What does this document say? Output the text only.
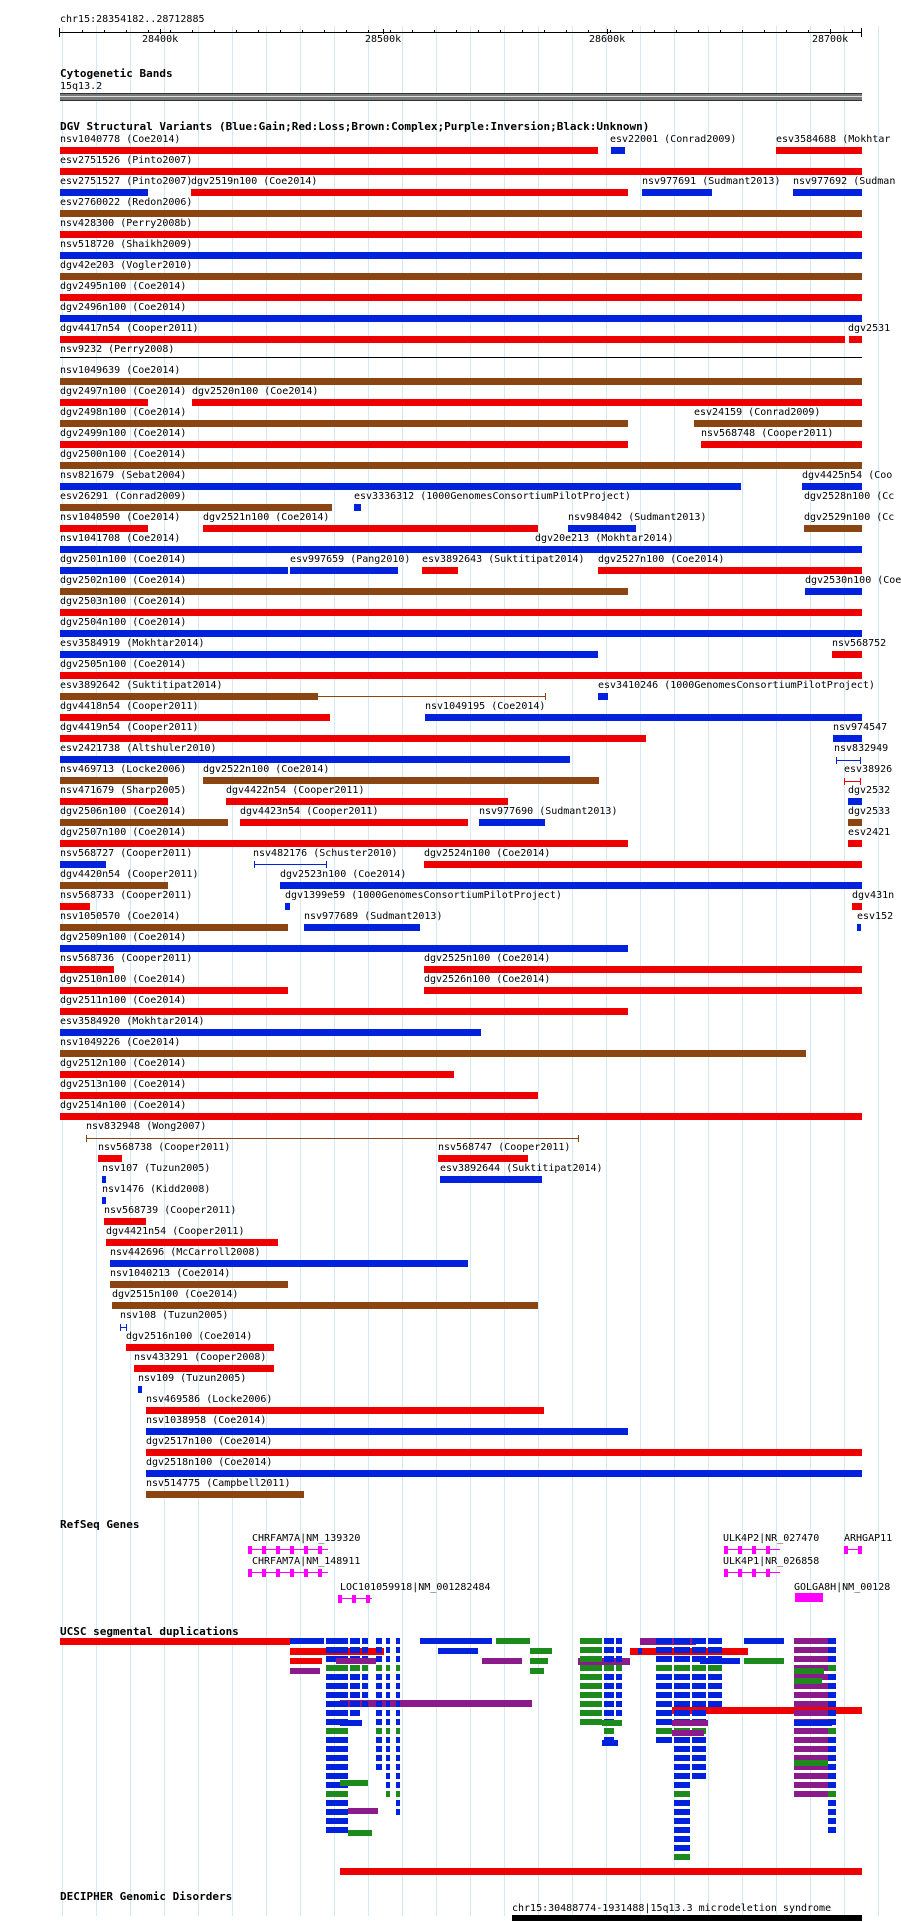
chr15:28354182..28712885
28400k	28500k	28600k	28700k
Cytogenetic Bands
15q13.2
DGV Structural Variants (Blue:Gain;Red:Loss;Brown:Complex;Purple:Inversion;Black:Unknown)
nsv1040778 (Coe2014)	esv22001 (Conrad2009)	esv3584688 (Mokhtar
esv2751526 (Pinto2007)
esv2751527 (Pinto2007)
dgv2519n100 (Coe2014)	nsv977691 (Sudmant2013) nsv977692 (Sudman
esv2760022 (Redon2006)
nsv428300 (Perry2008b)
nsv518720 (Shaikh2009)
dgv42e203 (Vogler2010)
dgv2495n100 (Coe2014)
dgv2496n100 (Coe2014)
dgv4417n54 (Cooper2011)	dgv2531
nsv9232 (Perry2008)
nsv1049639 (Coe2014)
dgv2497n100 (Coe2014) dgv2520n100 (Coe2014)
dgv2498n100 (Coe2014)	esv24159 (Conrad2009)
dgv2499n100 (Coe2014)	nsv568748 (Cooper2011)
dgv2500n100 (Coe2014)
nsv821679 (Sebat2004)	dgv4425n54 (Coo
esv26291 (Conrad2009)	esv3336312 (1000GenomesConsortiumPilotProject)	dgv2528n100 (Cc
nsv1040590 (Coe2014) dgv2521n100 (Coe2014)	nsv984042 (Sudmant2013)	dgv2529n100 (Cc
nsv1041708 (Coe2014)	dgv20e213 (Mokhtar2014)
dgv2501n100 (Coe2014)	esv997659 (Pang2010) esv3892643 (Suktitipat2014) dgv2527n100 (Coe2014)
dgv2502n100 (Coe2014)	dgv2530n100 (Coe
dgv2503n100 (Coe2014)
dgv2504n100 (Coe2014)
esv3584919 (Mokhtar2014)	nsv568752
dgv2505n100 (Coe2014)
esv3892642 (Suktitipat2014)	esv3410246 (1000GenomesConsortiumPilotProject)
dgv4418n54 (Cooper2011)	nsv1049195 (Coe2014)
dgv4419n54 (Cooper2011)	nsv974547
esv2421738 (Altshuler2010)	nsv832949
nsv469713 (Locke2006) dgv2522n100 (Coe2014)	esv38926
nsv471679 (Sharp2005)	dgv4422n54 (Cooper2011)	dgv2532
dgv2506n100 (Coe2014)	dgv4423n54 (Cooper2011)	nsv977690 (Sudmant2013)	dgv2533
dgv2507n100 (Coe2014)	esv2421
nsv568727 (Cooper2011)	nsv482176 (Schuster2010)	dgv2524n100 (Coe2014)
dgv4420n54 (Cooper2011)	dgv2523n100 (Coe2014)
nsv568733 (Cooper2011)	dgv1399e59 (1000GenomesConsortiumPilotProject)	dgv431n
nsv1050570 (Coe2014)	nsv977689 (Sudmant2013)	esv152
dgv2509n100 (Coe2014)
nsv568736 (Cooper2011)	dgv2525n100 (Coe2014)
dgv2510n100 (Coe2014)	dgv2526n100 (Coe2014)
dgv2511n100 (Coe2014)
esv3584920 (Mokhtar2014)
nsv1049226 (Coe2014)
dgv2512n100 (Coe2014)
dgv2513n100 (Coe2014)
dgv2514n100 (Coe2014)
nsv832948 (Wong2007)
nsv568738 (Cooper2011)	nsv568747 (Cooper2011)
nsv107 (Tuzun2005)	esv3892644 (Suktitipat2014)
nsv1476 (Kidd2008)
nsv568739 (Cooper2011)
dgv4421n54 (Cooper2011)
nsv442696 (McCarroll2008)
nsv1040213 (Coe2014)
dgv2515n100 (Coe2014)
nsv108 (Tuzun2005)
dgv2516n100 (Coe2014)
nsv433291 (Cooper2008)
nsv109 (Tuzun2005)
nsv469586 (Locke2006)
nsv1038958 (Coe2014)
dgv2517n100 (Coe2014)
dgv2518n100 (Coe2014)
nsv514775 (Campbell2011)
RefSeq Genes
CHRFAM7A|NM_139320
CHRFAM7A|NM_148911
LOC101059918|NM_001282484
ULK4P2|NR_027470
ULK4P1|NR_026858
ARHGAP11
GOLGA8H|NM_00128
UCSC segmental duplications
DECIPHER Genomic Disorders
chr15:30488774-1931488|15q13.3 microdeletion syndrome
